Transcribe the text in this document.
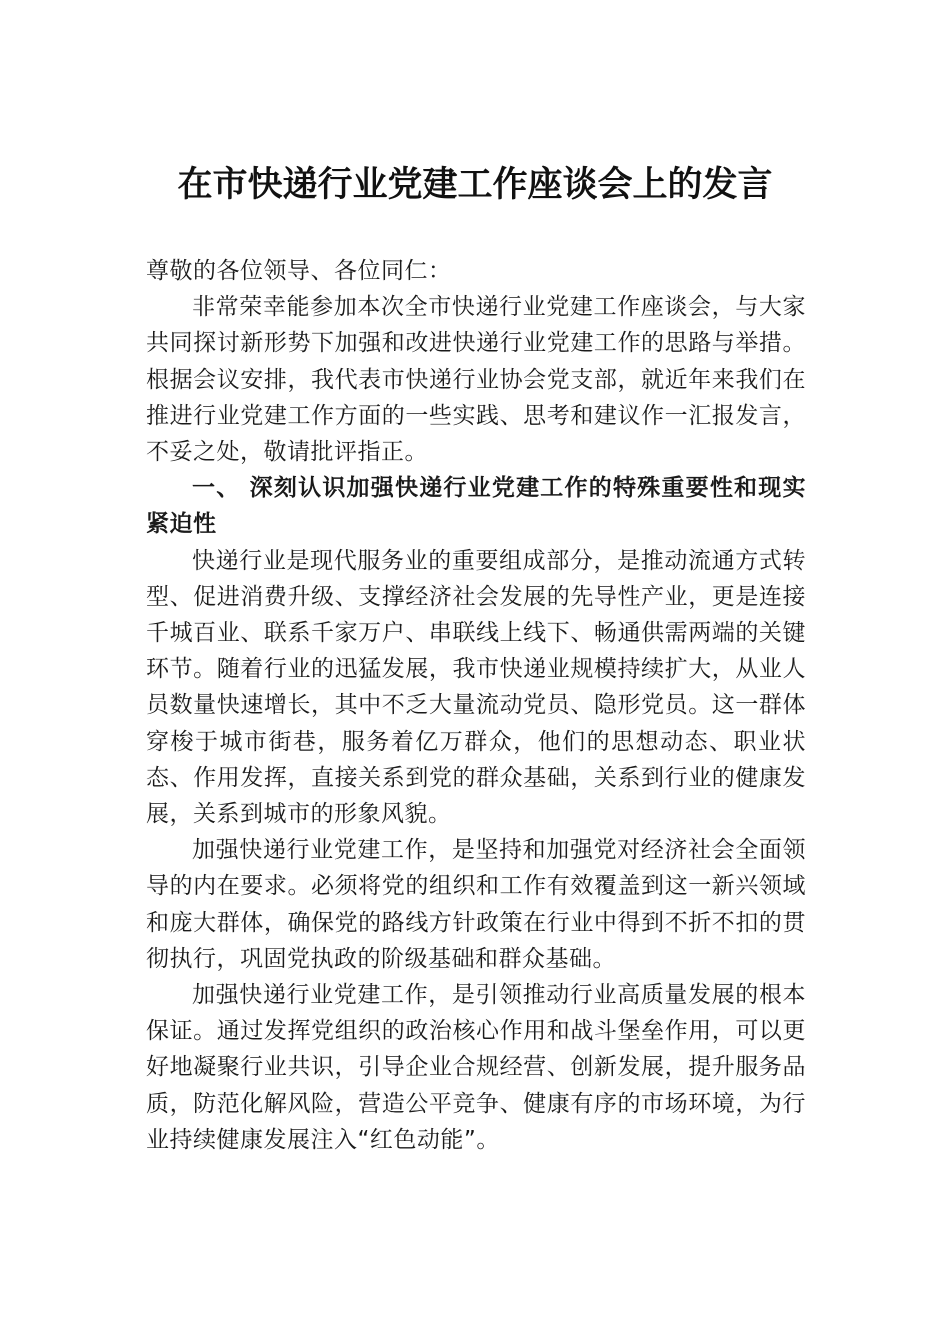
在市快递行业党建工作座谈会上的发言

尊敬的各位领导、各位同仁：

非常荣幸能参加本次全市快递行业党建工作座谈会，与大家共同探讨新形势下加强和改进快递行业党建工作的思路与举措。根据会议安排，我代表市快递行业协会党支部，就近年来我们在推进行业党建工作方面的一些实践、思考和建议作一汇报发言，不妥之处，敬请批评指正。

一、 深刻认识加强快递行业党建工作的特殊重要性和现实紧迫性

快递行业是现代服务业的重要组成部分，是推动流通方式转型、促进消费升级、支撑经济社会发展的先导性产业，更是连接千城百业、联系千家万户、串联线上线下、畅通供需两端的关键环节。随着行业的迅猛发展，我市快递业规模持续扩大，从业人员数量快速增长，其中不乏大量流动党员、隐形党员。这一群体穿梭于城市街巷，服务着亿万群众，他们的思想动态、职业状态、作用发挥，直接关系到党的群众基础，关系到行业的健康发展，关系到城市的形象风貌。

加强快递行业党建工作，是坚持和加强党对经济社会全面领导的内在要求。必须将党的组织和工作有效覆盖到这一新兴领域和庞大群体，确保党的路线方针政策在行业中得到不折不扣的贯彻执行，巩固党执政的阶级基础和群众基础。

加强快递行业党建工作，是引领推动行业高质量发展的根本保证。通过发挥党组织的政治核心作用和战斗堡垒作用，可以更好地凝聚行业共识，引导企业合规经营、创新发展，提升服务品质，防范化解风险，营造公平竞争、健康有序的市场环境，为行业持续健康发展注入“红色动能”。
